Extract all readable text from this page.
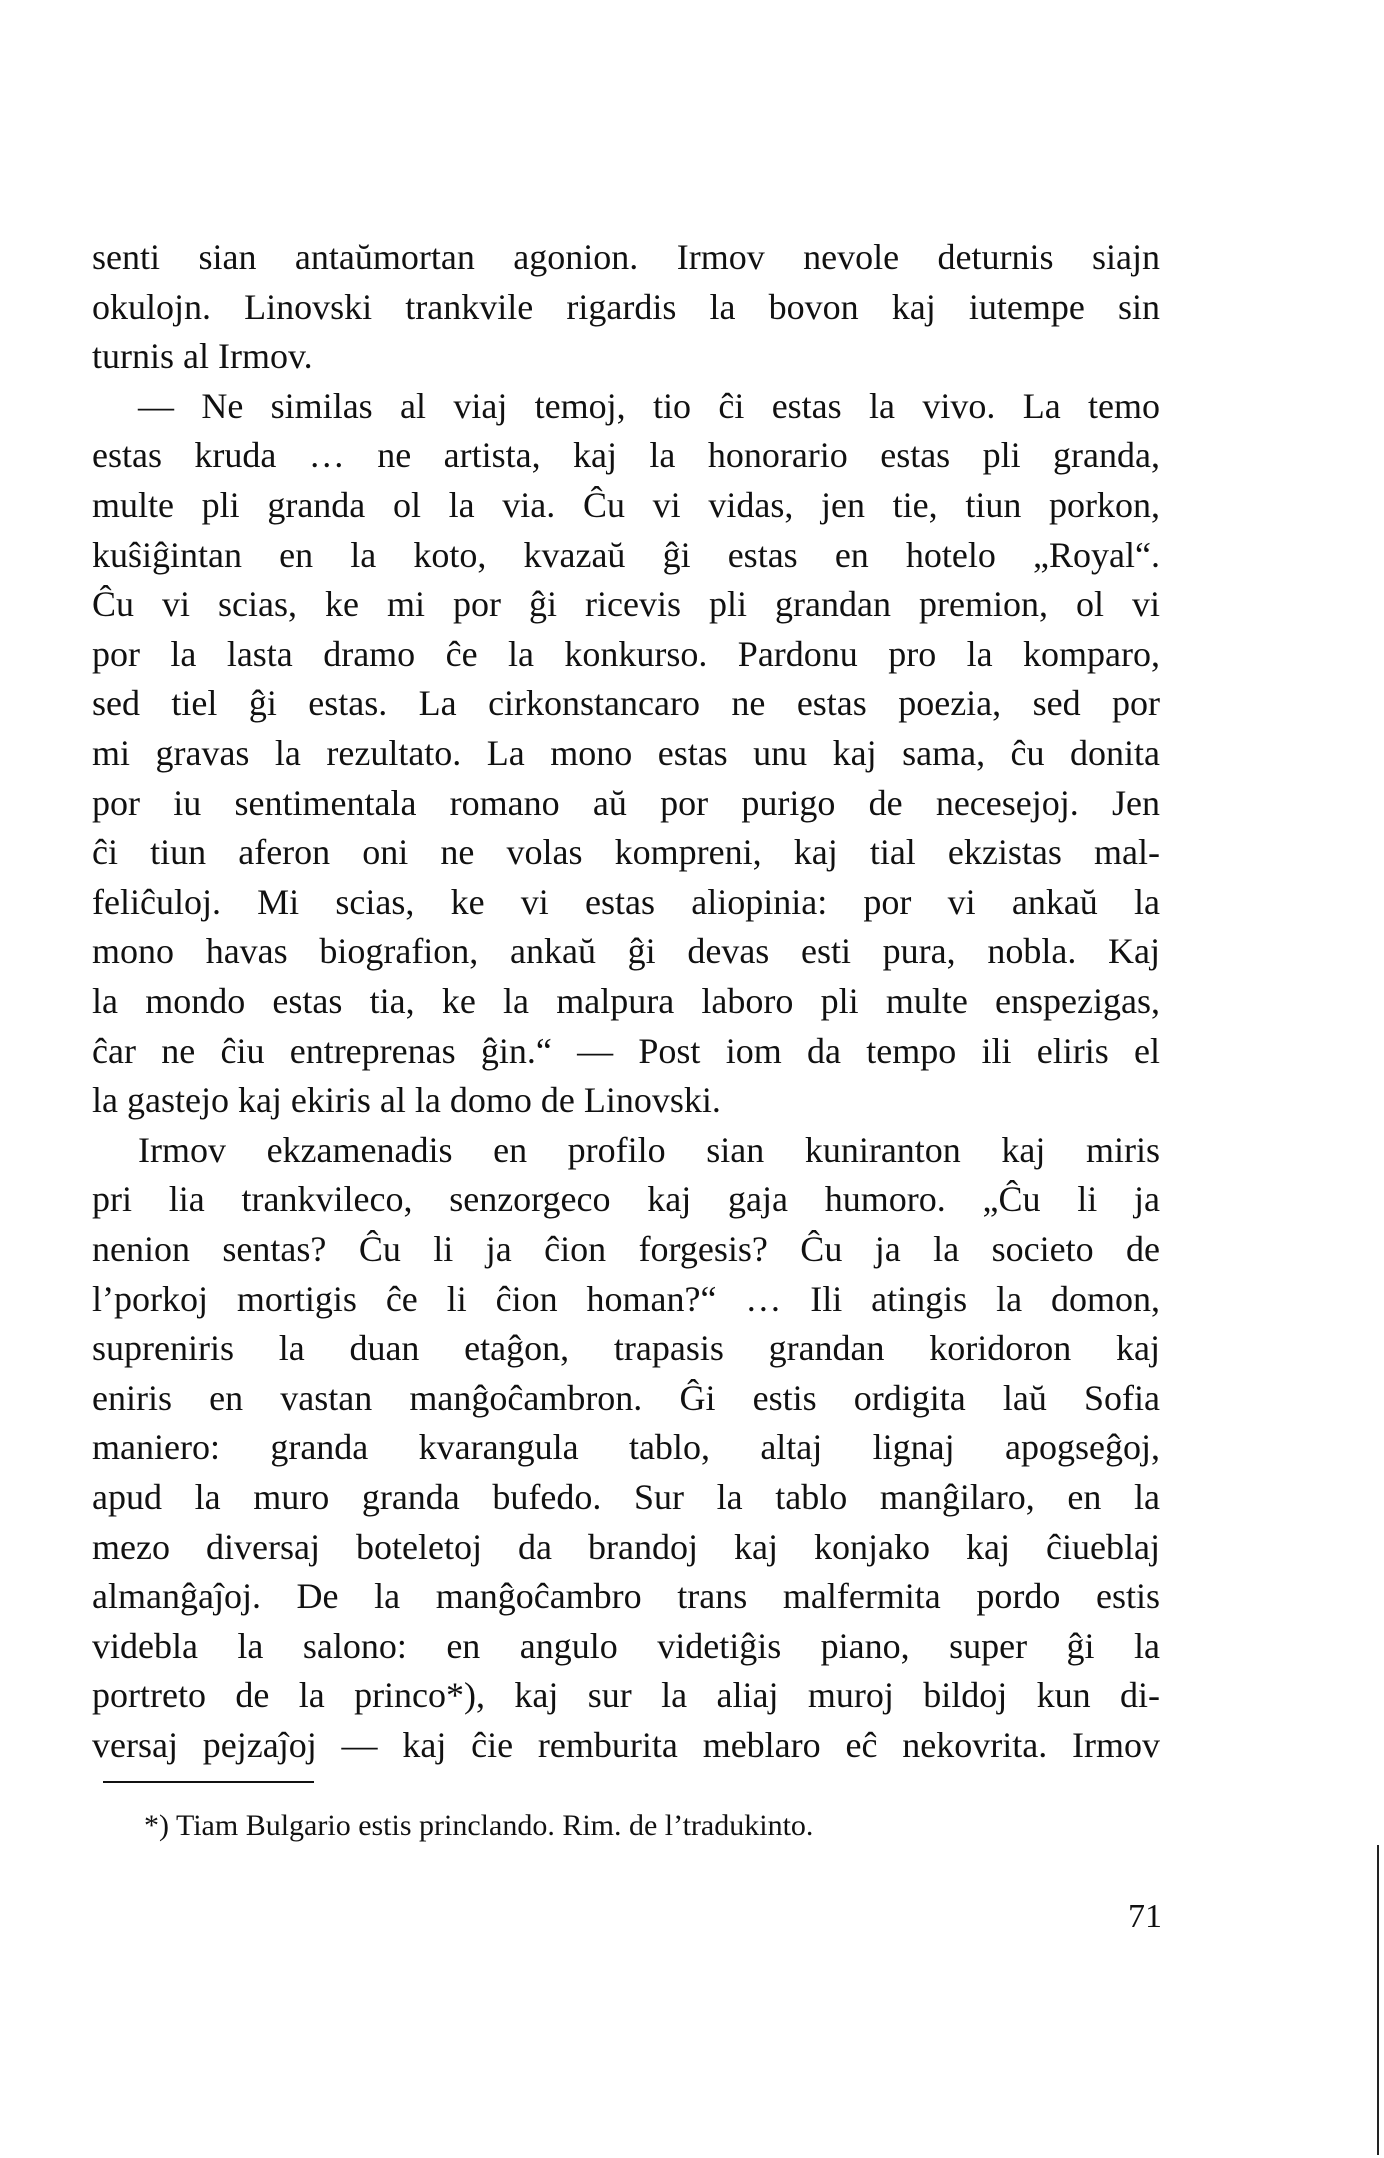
senti sian antaŭmortan agonion. Irmov nevole deturnis siajn
okulojn. Linovski trankvile rigardis la bovon kaj iutempe sin
turnis al Irmov.
— Ne similas al viaj temoj, tio ĉi estas la vivo. La temo
estas kruda … ne artista, kaj la honorario estas pli granda,
multe pli granda ol la via. Ĉu vi vidas, jen tie, tiun porkon,
kuŝiĝintan en la koto, kvazaŭ ĝi estas en hotelo „Royal“.
Ĉu vi scias, ke mi por ĝi ricevis pli grandan premion, ol vi
por la lasta dramo ĉe la konkurso. Pardonu pro la komparo,
sed tiel ĝi estas. La cirkonstancaro ne estas poezia, sed por
mi gravas la rezultato. La mono estas unu kaj sama, ĉu donita
por iu sentimentala romano aŭ por purigo de necesejoj. Jen
ĉi tiun aferon oni ne volas kompreni, kaj tial ekzistas mal-
feliĉuloj. Mi scias, ke vi estas aliopinia: por vi ankaŭ la
mono havas biografion, ankaŭ ĝi devas esti pura, nobla. Kaj
la mondo estas tia, ke la malpura laboro pli multe enspezigas,
ĉar ne ĉiu entreprenas ĝin.“ — Post iom da tempo ili eliris el
la gastejo kaj ekiris al la domo de Linovski.
Irmov ekzamenadis en profilo sian kuniranton kaj miris
pri lia trankvileco, senzorgeco kaj gaja humoro. „Ĉu li ja
nenion sentas? Ĉu li ja ĉion forgesis? Ĉu ja la societo de
l’porkoj mortigis ĉe li ĉion homan?“ … Ili atingis la domon,
supreniris la duan etaĝon, trapasis grandan koridoron kaj
eniris en vastan manĝoĉambron. Ĝi estis ordigita laŭ Sofia
maniero: granda kvarangula tablo, altaj lignaj apogseĝoj,
apud la muro granda bufedo. Sur la tablo manĝilaro, en la
mezo diversaj boteletoj da brandoj kaj konjako kaj ĉiueblaj
almanĝaĵoj. De la manĝoĉambro trans malfermita pordo estis
videbla la salono: en angulo videtiĝis piano, super ĝi la
portreto de la princo*), kaj sur la aliaj muroj bildoj kun di-
versaj pejzaĵoj — kaj ĉie remburita meblaro eĉ nekovrita. Irmov
*) Tiam Bulgario estis princlando. Rim. de l’tradukinto.
71
